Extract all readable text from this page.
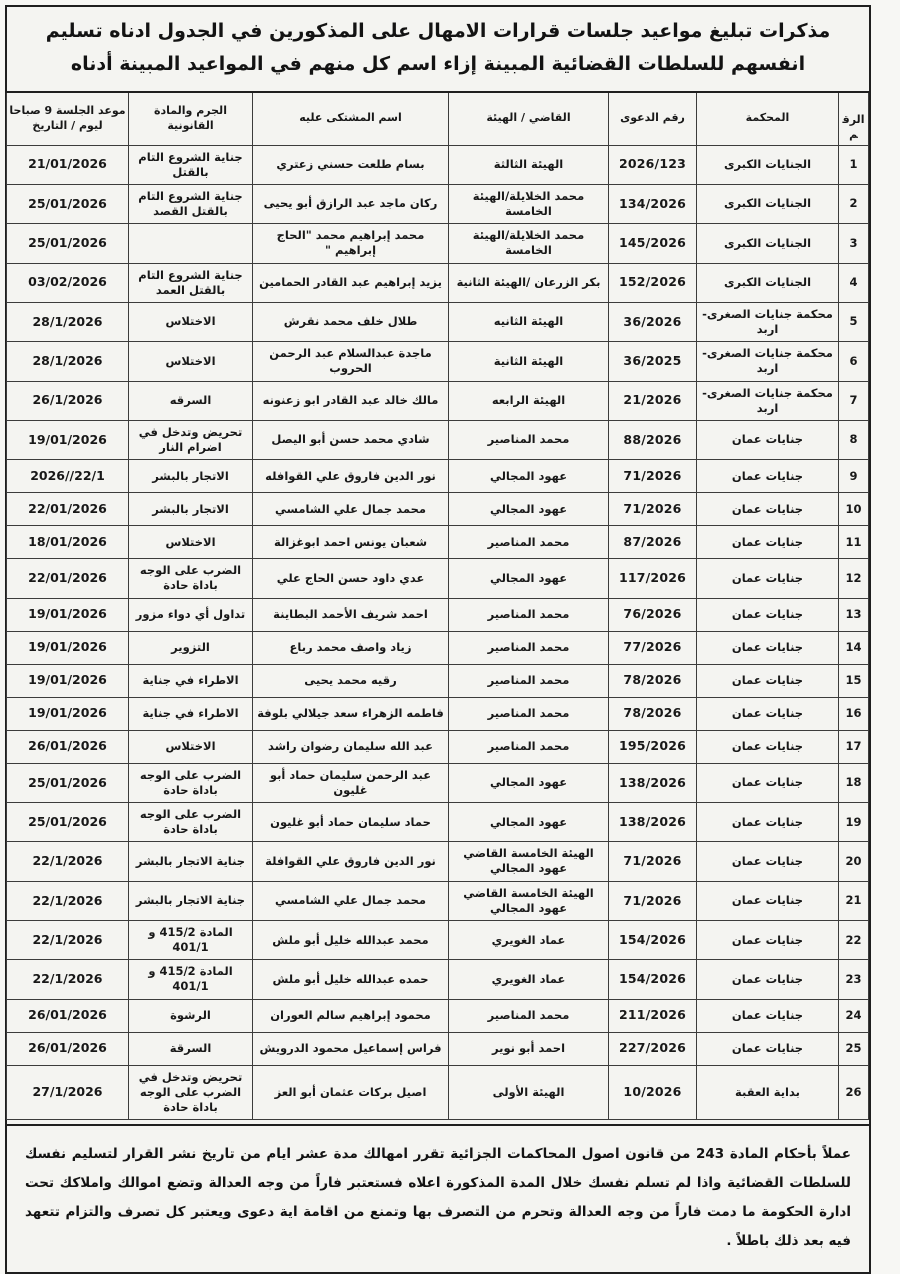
مذكرات تبليغ مواعيد جلسات قرارات الامهال على المذكورين في الجدول ادناه تسليم انفسهم للسلطات القضائية المبينة إزاء اسم كل منهم في المواعيد المبينة أدناه
الرقم	المحكمة	رقم الدعوى	القاضي / الهيئة	اسم المشتكى عليه	الجرم والمادة القانونية	موعد الجلسة 9 صباحا ليوم / التاريخ
1	الجنايات الكبرى	2026/123	الهيئة الثالثة	بسام طلعت حسني زعتري	جناية الشروع التام بالقتل	21/01/2026
2	الجنايات الكبرى	134/2026	محمد الخلايلة/الهيئة الخامسة	ركان ماجد عبد الرازق أبو يحيى	جناية الشروع التام بالقتل القصد	25/01/2026
3	الجنايات الكبرى	145/2026	محمد الخلايلة/الهيئة الخامسة	محمد إبراهيم محمد "الحاج إبراهيم "		25/01/2026
4	الجنايات الكبرى	152/2026	بكر الزرعان /الهيئة الثانية	يزيد إبراهيم عبد القادر الحمامين	جناية الشروع التام بالقتل العمد	03/02/2026
5	محكمة جنايات الصغرى- اربد	36/2026	الهيئة الثانيه	طلال خلف محمد نقرش	الاختلاس	28/1/2026
6	محكمة جنايات الصغرى- اربد	36/2025	الهيئة الثانية	ماجدة عبدالسلام عبد الرحمن الحروب	الاختلاس	28/1/2026
7	محكمة جنايات الصغرى- اربد	21/2026	الهيئة الرابعه	مالك خالد عبد القادر ابو زعنونه	السرقه	26/1/2026
8	جنايات عمان	88/2026	محمد المناصير	شادي محمد حسن أبو اليصل	تحريض وتدخل في اضرام النار	19/01/2026
9	جنايات عمان	71/2026	عهود المجالي	نور الدين فاروق علي القوافله	الاتجار بالبشر	22/1//2026
10	جنايات عمان	71/2026	عهود المجالي	محمد جمال علي الشامسي	الاتجار بالبشر	22/01/2026
11	جنايات عمان	87/2026	محمد المناصير	شعبان يونس احمد ابوغزالة	الاختلاس	18/01/2026
12	جنايات عمان	117/2026	عهود المجالي	عدي داود حسن الحاج علي	الضرب على الوجه باداة حادة	22/01/2026
13	جنايات عمان	76/2026	محمد المناصير	احمد شريف الأحمد البطاينة	تداول أي دواء مزور	19/01/2026
14	جنايات عمان	77/2026	محمد المناصير	زياد واصف محمد رباع	التزوير	19/01/2026
15	جنايات عمان	78/2026	محمد المناصير	رقيه محمد يحيى	الاطراء في جناية	19/01/2026
16	جنايات عمان	78/2026	محمد المناصير	فاطمه الزهراء سعد جيلالي بلوفة	الاطراء في جناية	19/01/2026
17	جنايات عمان	195/2026	محمد المناصير	عبد الله سليمان رضوان راشد	الاختلاس	26/01/2026
18	جنايات عمان	138/2026	عهود المجالي	عبد الرحمن سليمان حماد أبو غليون	الضرب على الوجه باداة حادة	25/01/2026
19	جنايات عمان	138/2026	عهود المجالي	حماد سليمان حماد أبو غليون	الضرب على الوجه باداة حادة	25/01/2026
20	جنايات عمان	71/2026	الهيئة الخامسة القاضي عهود المجالي	نور الدين فاروق علي القوافلة	جناية الاتجار بالبشر	22/1/2026
21	جنايات عمان	71/2026	الهيئة الخامسة القاضي عهود المجالي	محمد جمال علي الشامسي	جناية الاتجار بالبشر	22/1/2026
22	جنايات عمان	154/2026	عماد الغويري	محمد عبدالله خليل أبو ملش	المادة 415/2 و 401/1	22/1/2026
23	جنايات عمان	154/2026	عماد الغويري	حمده عبدالله خليل أبو ملش	المادة 415/2 و 401/1	22/1/2026
24	جنايات عمان	211/2026	محمد المناصير	محمود إبراهيم سالم العوران	الرشوة	26/01/2026
25	جنايات عمان	227/2026	احمد أبو نوير	فراس إسماعيل محمود الدرويش	السرقة	26/01/2026
26	بداية العقبة	10/2026	الهيئة الأولى	اصيل بركات عثمان أبو العز	تحريض وتدخل في الضرب على الوجه باداة حادة	27/1/2026
عملاً بأحكام المادة 243 من قانون اصول المحاكمات الجزائية تقرر امهالك مدة عشر ايام من تاريخ نشر القرار لتسليم نفسك للسلطات القضائية واذا لم تسلم نفسك خلال المدة المذكورة اعلاه فستعتبر فاراً من وجه العدالة وتضع اموالك واملاكك تحت ادارة الحكومة ما دمت فاراً من وجه العدالة وتحرم من التصرف بها وتمنع من اقامة اية دعوى ويعتبر كل تصرف والتزام تتعهد فيه بعد ذلك باطلاً .
